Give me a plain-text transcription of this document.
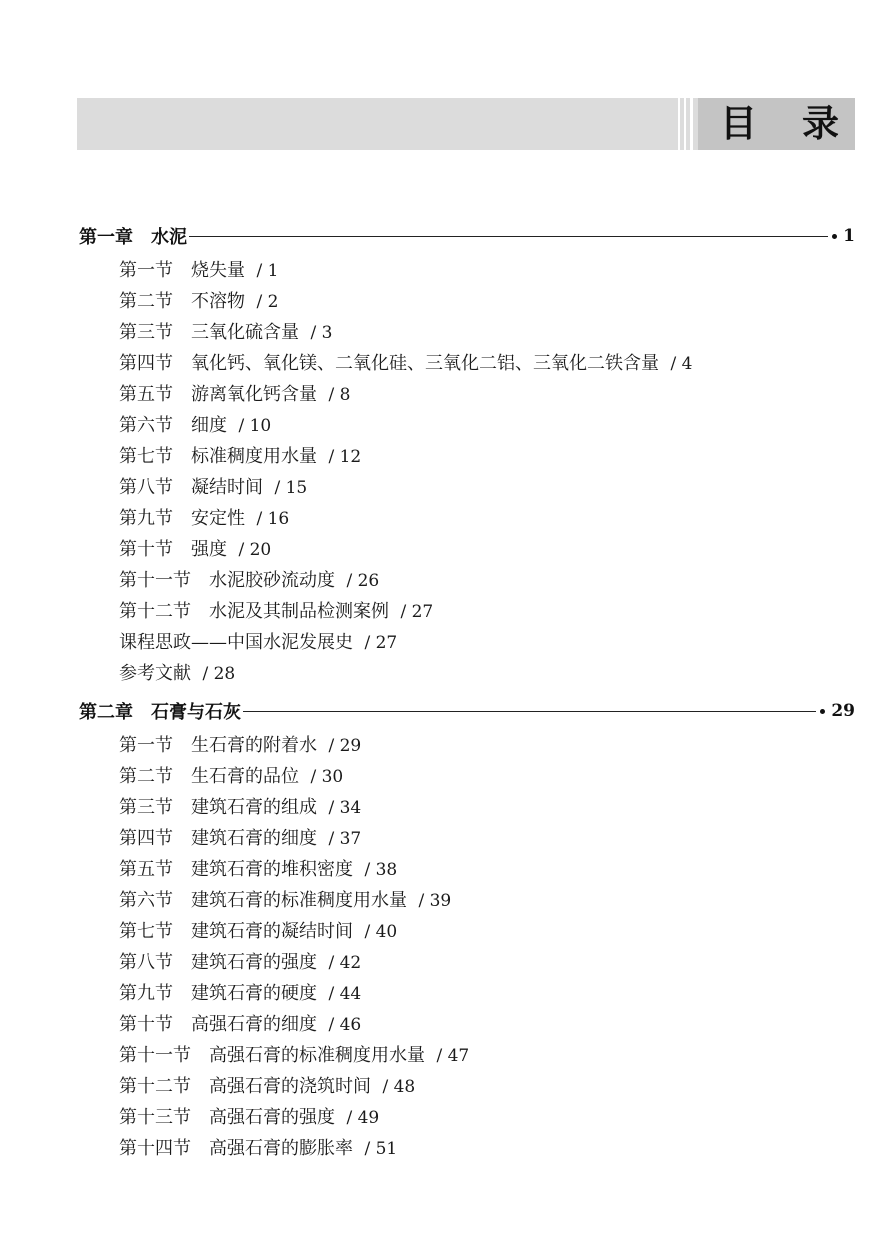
目 录
第一章　水泥	1
第一节　烧失量 / 1
第二节　不溶物 / 2
第三节　三氧化硫含量 / 3
第四节　氧化钙、氧化镁、二氧化硅、三氧化二铝、三氧化二铁含量 / 4
第五节　游离氧化钙含量 / 8
第六节　细度 / 10
第七节　标准稠度用水量 / 12
第八节　凝结时间 / 15
第九节　安定性 / 16
第十节　强度 / 20
第十一节　水泥胶砂流动度 / 26
第十二节　水泥及其制品检测案例 / 27
课程思政——中国水泥发展史 / 27
参考文献 / 28
第二章　石膏与石灰	29
第一节　生石膏的附着水 / 29
第二节　生石膏的品位 / 30
第三节　建筑石膏的组成 / 34
第四节　建筑石膏的细度 / 37
第五节　建筑石膏的堆积密度 / 38
第六节　建筑石膏的标准稠度用水量 / 39
第七节　建筑石膏的凝结时间 / 40
第八节　建筑石膏的强度 / 42
第九节　建筑石膏的硬度 / 44
第十节　高强石膏的细度 / 46
第十一节　高强石膏的标准稠度用水量 / 47
第十二节　高强石膏的浇筑时间 / 48
第十三节　高强石膏的强度 / 49
第十四节　高强石膏的膨胀率 / 51
